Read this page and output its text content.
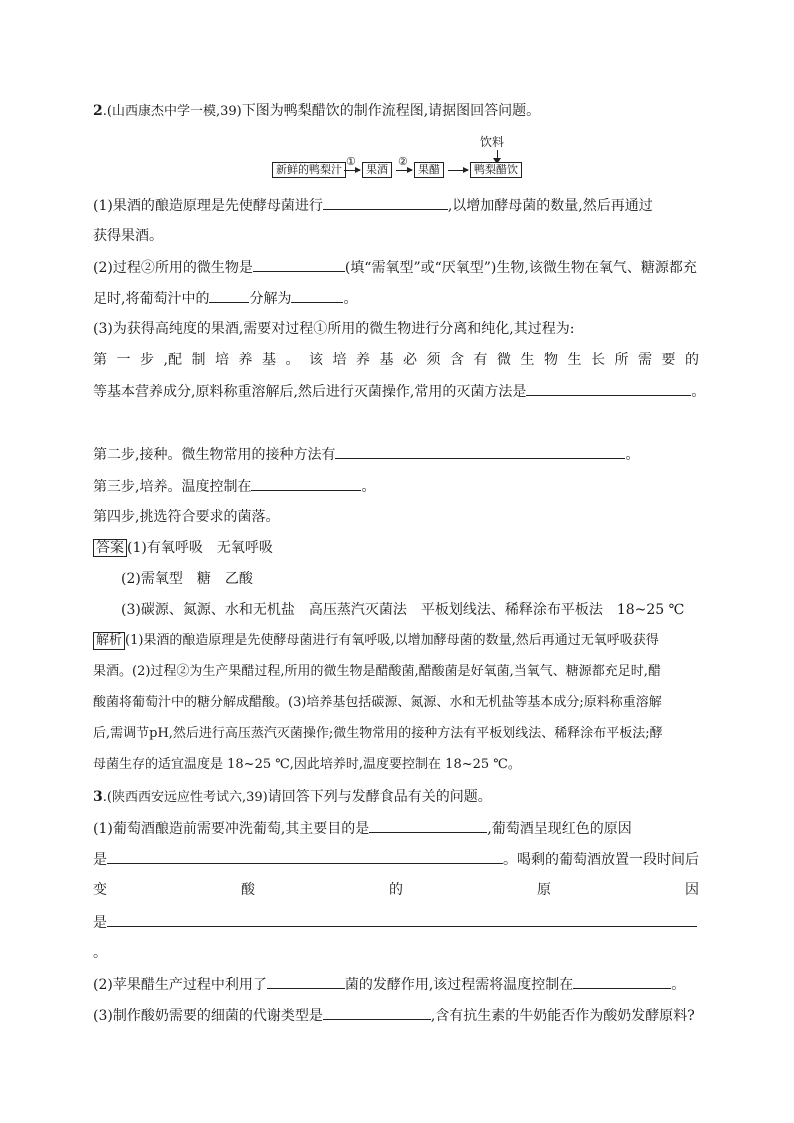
2.(山西康杰中学一模,39)下图为鸭梨醋饮的制作流程图,请据图回答问题。
饮料
新鲜的鸭梨汁
①
果酒
②
果醋	鸭梨醋饮
(1)果酒的酿造原理是先使酵母菌进行	,以增加酵母菌的数量,然后再通过
获得果酒。
(2)过程②所用的微生物是	(填“需氧型”或“厌氧型”)生物,该微生物在氧气、糖源都充
足时,将葡萄汁中的	分解为	。
(3)为获得高纯度的果酒,需要对过程①所用的微生物进行分离和纯化,其过程为:
第 一 步 ,配 制 培 养 基 。 该 培 养 基 必 须 含 有 微 生 物 生 长 所 需 要 的
等基本营养成分,原料称重溶解后,然后进行灭菌操作,常用的灭菌方法是	。
第二步,接种。微生物常用的接种方法有	。
第三步,培养。温度控制在	。
第四步,挑选符合要求的菌落。
答案 (1)有氧呼吸　无氧呼吸
(2)需氧型　糖　乙酸
(3)碳源、氮源、水和无机盐　高压蒸汽灭菌法　平板划线法、稀释涂布平板法　18~25 ℃
解析 (1)果酒的酿造原理是先使酵母菌进行有氧呼吸,以增加酵母菌的数量,然后再通过无氧呼吸获得
果酒。(2)过程②为生产果醋过程,所用的微生物是醋酸菌,醋酸菌是好氧菌,当氧气、糖源都充足时,醋
酸菌将葡萄汁中的糖分解成醋酸。(3)培养基包括碳源、氮源、水和无机盐等基本成分;原料称重溶解
后,需调节pH,然后进行高压蒸汽灭菌操作;微生物常用的接种方法有平板划线法、稀释涂布平板法;酵
母菌生存的适宜温度是 18~25 ℃,因此培养时,温度要控制在 18~25 ℃。
3.(陕西西安远应性考试六,39)请回答下列与发酵食品有关的问题。
(1)葡萄酒酿造前需要冲洗葡萄,其主要目的是	,葡萄酒呈现红色的原因
是	。喝剩的葡萄酒放置一段时间后
变	酸	的	原	因
是
。
(2)苹果醋生产过程中利用了	菌的发酵作用,该过程需将温度控制在	。
(3)制作酸奶需要的细菌的代谢类型是	,含有抗生素的牛奶能否作为酸奶发酵原料?
